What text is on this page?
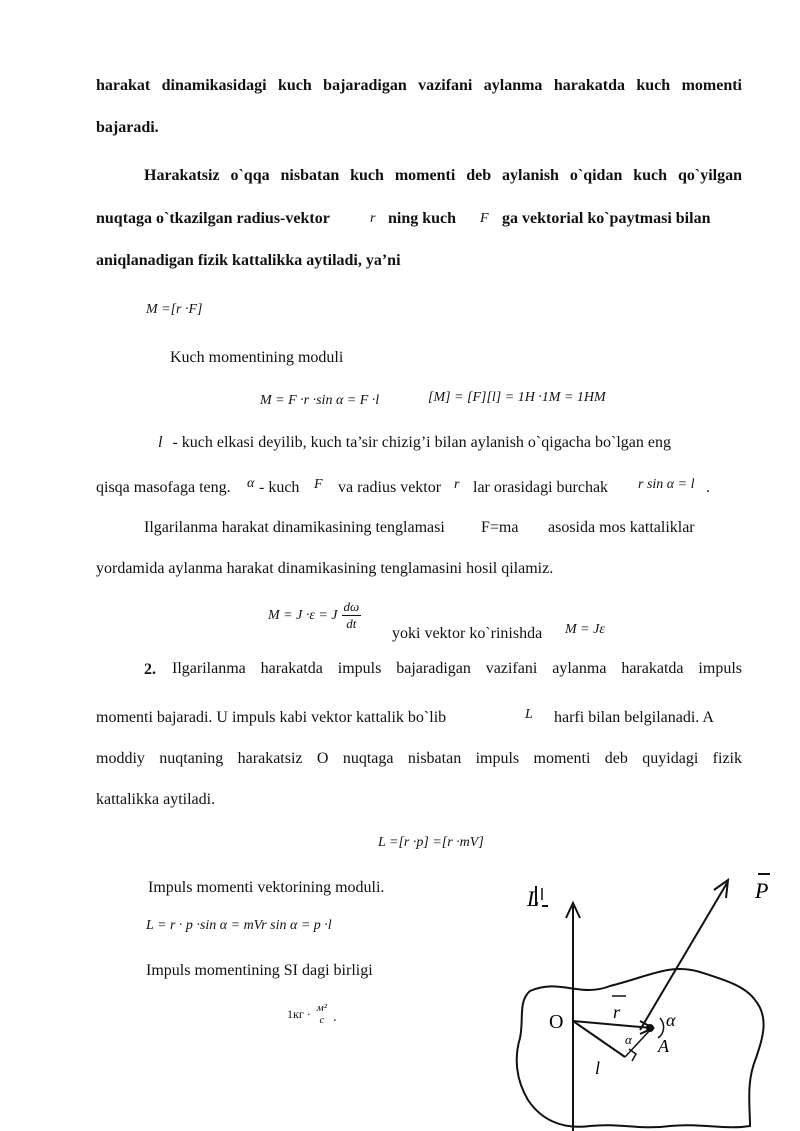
harakat dinamikasidagi kuch bajaradigan vazifani aylanma harakatda kuch momenti
bajaradi.
Harakatsiz o`qqa nisbatan kuch momenti deb aylanish o`qidan kuch qo`yilgan
nuqtaga o`tkazilgan radius-vektor	r ning kuch F ga vektorial ko`paytmasi bilan
aniqlanadigan fizik kattalikka aytiladi, ya’ni
M =[r ·F]
Kuch momentining moduli
M = F ·r ·sin α = F ·l	[M] = [F][l] = 1H ·1M = 1HM
l - kuch elkasi deyilib, kuch ta’sir chizig’i bilan aylanish o`qigacha bo`lgan eng
qisqa masofaga teng. α - kuch F va radius vektor r lar orasidagi burchak r sin α = l .
Ilgarilanma harakat dinamikasining tenglamasi F=ma asosida mos kattaliklar
yordamida aylanma harakat dinamikasining tenglamasini hosil qilamiz.
M = J ·ε = J $\frac{d\omega}{dt}$
yoki vektor ko`rinishda M = Jε
2. Ilgarilanma harakatda impuls bajaradigan vazifani aylanma harakatda impuls
momenti bajaradi. U impuls kabi vektor kattalik bo`lib	L harfi bilan belgilanadi. A
moddiy nuqtaning harakatsiz O nuqtaga nisbatan impuls momenti deb quyidagi fizik
kattalikka aytiladi.
L =[r ·p] =[r ·mV]
Impuls momenti vektorining moduli.
L = r · p ·sin α = mVr sin α = p ·l
Impuls momentining SI dagi birligi
1кг · м²
с .
L	P
O	r	α
α A
l
